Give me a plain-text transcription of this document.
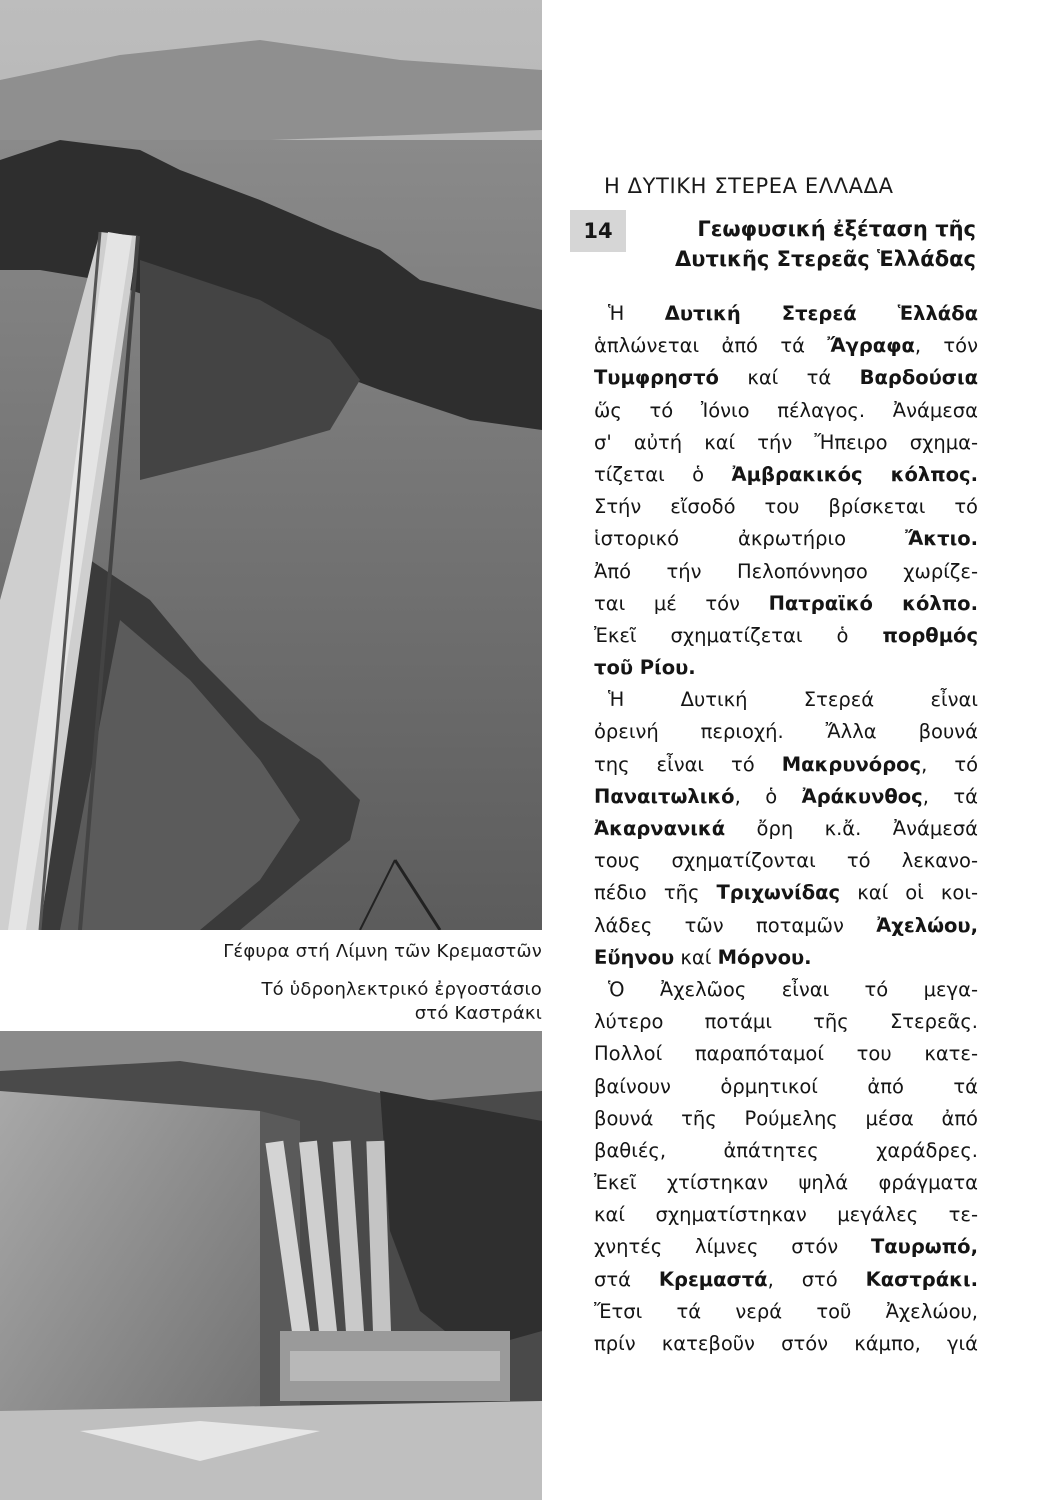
Γέφυρα στή Λίμνη τῶν Κρεμαστῶν
Τό ὑδροηλεκτρικό ἐργοστάσιο
στό Καστράκι
Η ΔΥΤΙΚΗ ΣΤΕΡΕΑ ΕΛΛΑΔΑ
14	Γεωφυσική ἐξέταση τῆς
Δυτικῆς Στερεᾶς Ἑλλάδας
Ἡ Δυτική Στερεά Ἑλλάδα
ἁπλώνεται ἀπό τά Ἄγραφα, τόν
Τυμφρηστό καί τά Βαρδούσια
ὥς τό Ἰόνιο πέλαγος. Ἀνάμεσα
σ' αὐτή καί τήν Ἤπειρο σχημα-
τίζεται ὁ Ἀμβρακικός κόλπος.
Στήν εἴσοδό του βρίσκεται τό
ἱστορικό ἀκρωτήριο Ἄκτιο.
Ἀπό τήν Πελοπόννησο χωρίζε-
ται μέ τόν Πατραϊκό κόλπο.
Ἐκεῖ σχηματίζεται ὁ πορθμός
τοῦ Ρίου.
Ἡ Δυτική Στερεά εἶναι
ὀρεινή περιοχή. Ἄλλα βουνά
της εἶναι τό Μακρυνόρος, τό
Παναιτωλικό, ὁ Ἀράκυνθος, τά
Ἀκαρνανικά ὄρη κ.ἄ. Ἀνάμεσά
τους σχηματίζονται τό λεκανο-
πέδιο τῆς Τριχωνίδας καί οἱ κοι-
λάδες τῶν ποταμῶν Ἀχελώου,
Εὔηνου καί Μόρνου.
Ὁ Ἀχελῶος εἶναι τό μεγα-
λύτερο ποτάμι τῆς Στερεᾶς.
Πολλοί παραπόταμοί του κατε-
βαίνουν ὁρμητικοί ἀπό τά
βουνά τῆς Ρούμελης μέσα ἀπό
βαθιές, ἀπάτητες χαράδρες.
Ἐκεῖ χτίστηκαν ψηλά φράγματα
καί σχηματίστηκαν μεγάλες τε-
χνητές λίμνες στόν Ταυρωπό,
στά Κρεμαστά, στό Καστράκι.
Ἔτσι τά νερά τοῦ Ἀχελώου,
πρίν κατεβοῦν στόν κάμπο, γιά
